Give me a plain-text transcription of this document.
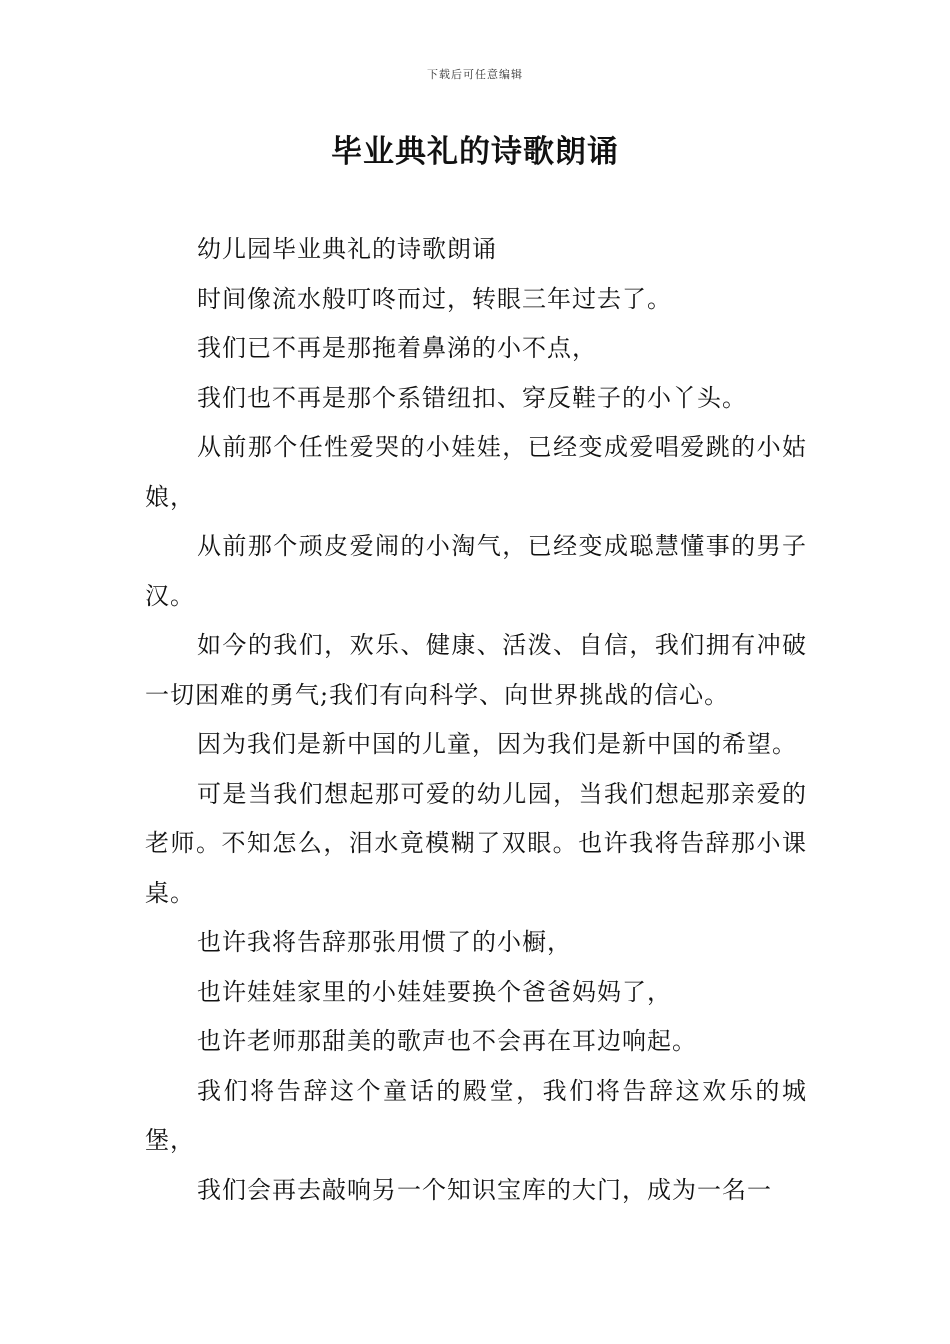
下载后可任意编辑
毕业典礼的诗歌朗诵

幼儿园毕业典礼的诗歌朗诵

时间像流水般叮咚而过，转眼三年过去了。

我们已不再是那拖着鼻涕的小不点，

我们也不再是那个系错纽扣、穿反鞋子的小丫头。

从前那个任性爱哭的小娃娃，已经变成爱唱爱跳的小姑娘，

从前那个顽皮爱闹的小淘气，已经变成聪慧懂事的男子汉。

如今的我们，欢乐、健康、活泼、自信，我们拥有冲破一切困难的勇气;我们有向科学、向世界挑战的信心。

因为我们是新中国的儿童，因为我们是新中国的希望。

可是当我们想起那可爱的幼儿园，当我们想起那亲爱的老师。不知怎么，泪水竟模糊了双眼。也许我将告辞那小课桌。

也许我将告辞那张用惯了的小橱，

也许娃娃家里的小娃娃要换个爸爸妈妈了，

也许老师那甜美的歌声也不会再在耳边响起。

我们将告辞这个童话的殿堂，我们将告辞这欢乐的城堡，

我们会再去敲响另一个知识宝库的大门，成为一名一
